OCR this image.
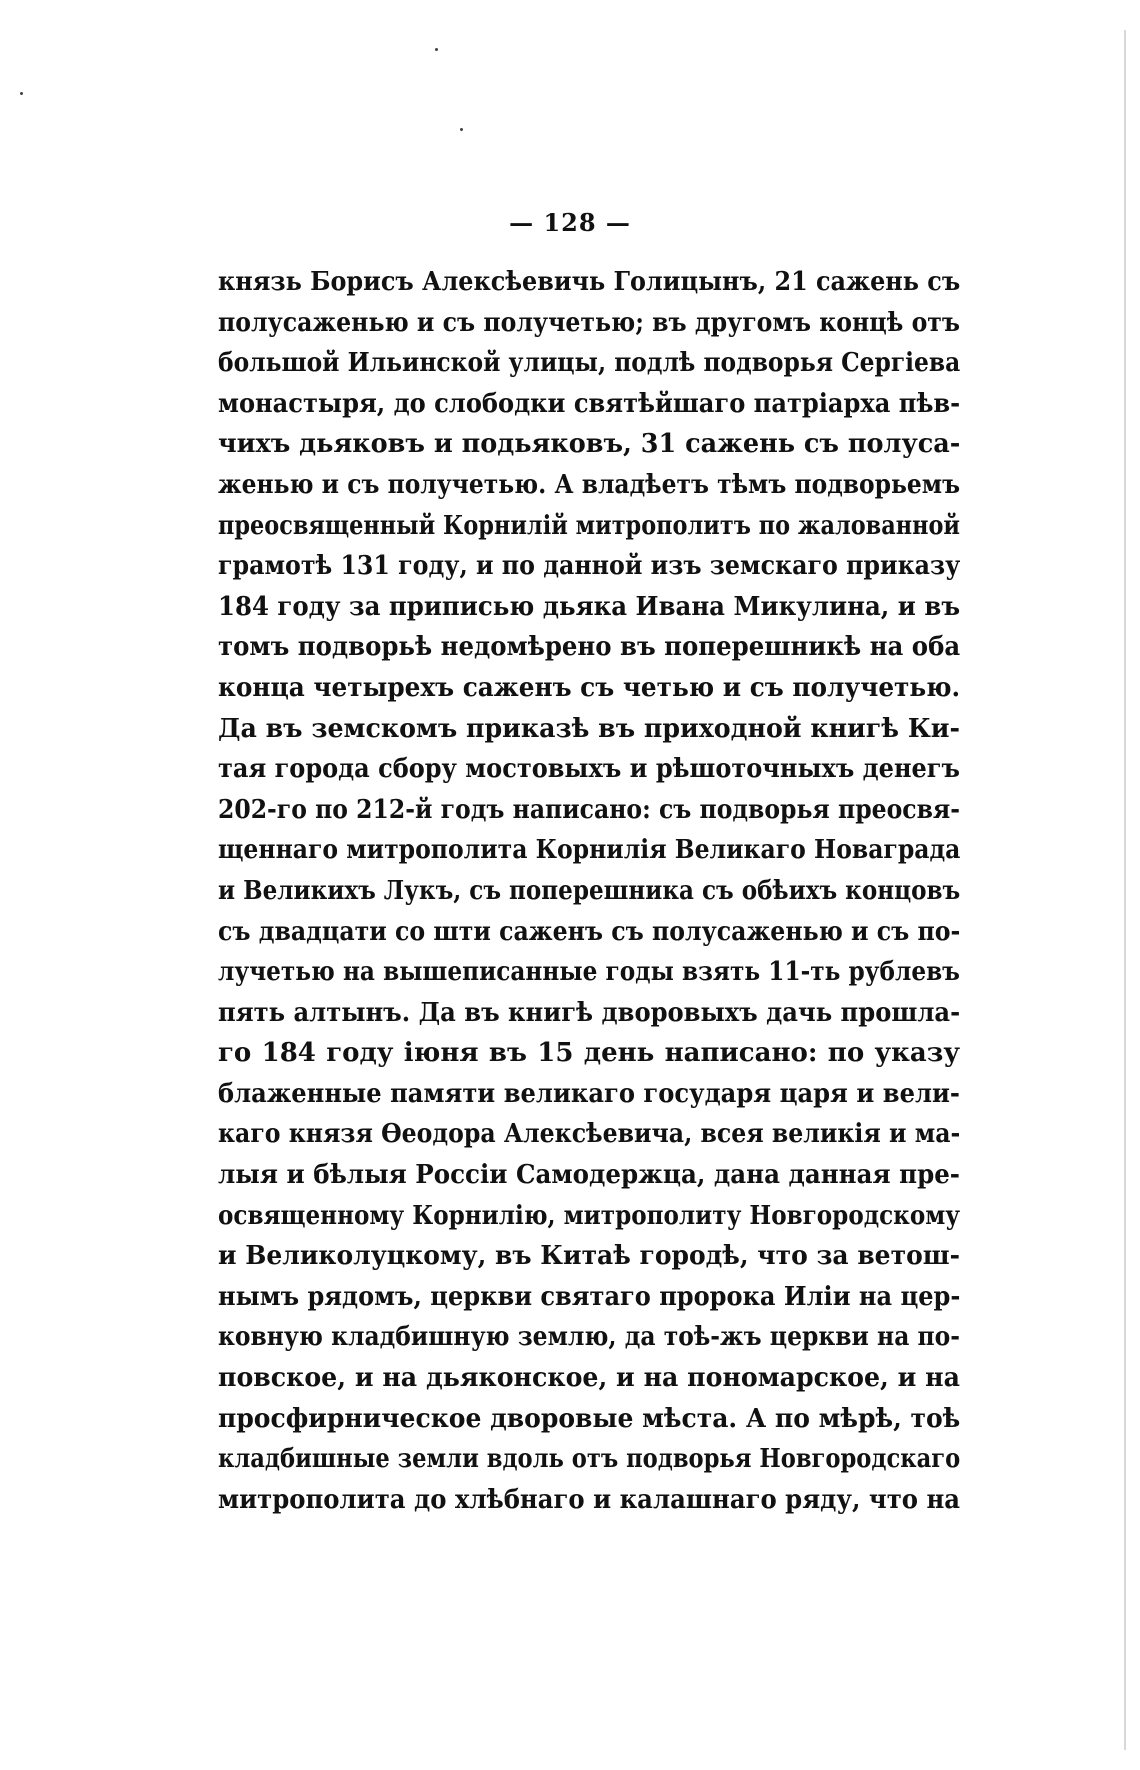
— 128 —
князь Борисъ Алексѣевичь Голицынъ, 21 сажень съ
полусаженью и съ получетью; въ другомъ концѣ отъ
большой Ильинской улицы, подлѣ подворья Сергіева
монастыря, до слободки святѣйшаго патріарха пѣв-
чихъ дьяковъ и подьяковъ, 31 сажень съ полуса-
женью и съ получетью. А владѣетъ тѣмъ подворьемъ
преосвященный Корнилій митрополитъ по жалованной
грамотѣ 131 году, и по данной изъ земскаго приказу
184 году за приписью дьяка Ивана Микулина, и въ
томъ подворьѣ недомѣрено въ поперешникѣ на оба
конца четырехъ саженъ съ четью и съ получетью.
Да въ земскомъ приказѣ въ приходной книгѣ Ки-
тая города сбору мостовыхъ и рѣшоточныхъ денегъ
202-го по 212-й годъ написано: съ подворья преосвя-
щеннаго митрополита Корнилія Великаго Новаграда
и Великихъ Лукъ, съ поперешника съ обѣихъ концовъ
съ двадцати со шти саженъ съ полусаженью и съ по-
лучетью на вышеписанные годы взять 11-ть рублевъ
пять алтынъ. Да въ книгѣ дворовыхъ дачь прошла-
го 184 году іюня въ 15 день написано: по указу
блаженные памяти великаго государя царя и вели-
каго князя Ѳеодора Алексѣевича, всея великія и ма-
лыя и бѣлыя Россіи Самодержца, дана данная пре-
освященному Корнилію, митрополиту Новгородскому
и Великолуцкому, въ Китаѣ городѣ, что за ветош-
нымъ рядомъ, церкви святаго пророка Иліи на цер-
ковную кладбишную землю, да тоѣ-жъ церкви на по-
повское, и на дьяконское, и на пономарское, и на
просфирническое дворовые мѣста. А по мѣрѣ, тоѣ
кладбишные земли вдоль отъ подворья Новгородскаго
митрополита до хлѣбнаго и калашнаго ряду, что на
